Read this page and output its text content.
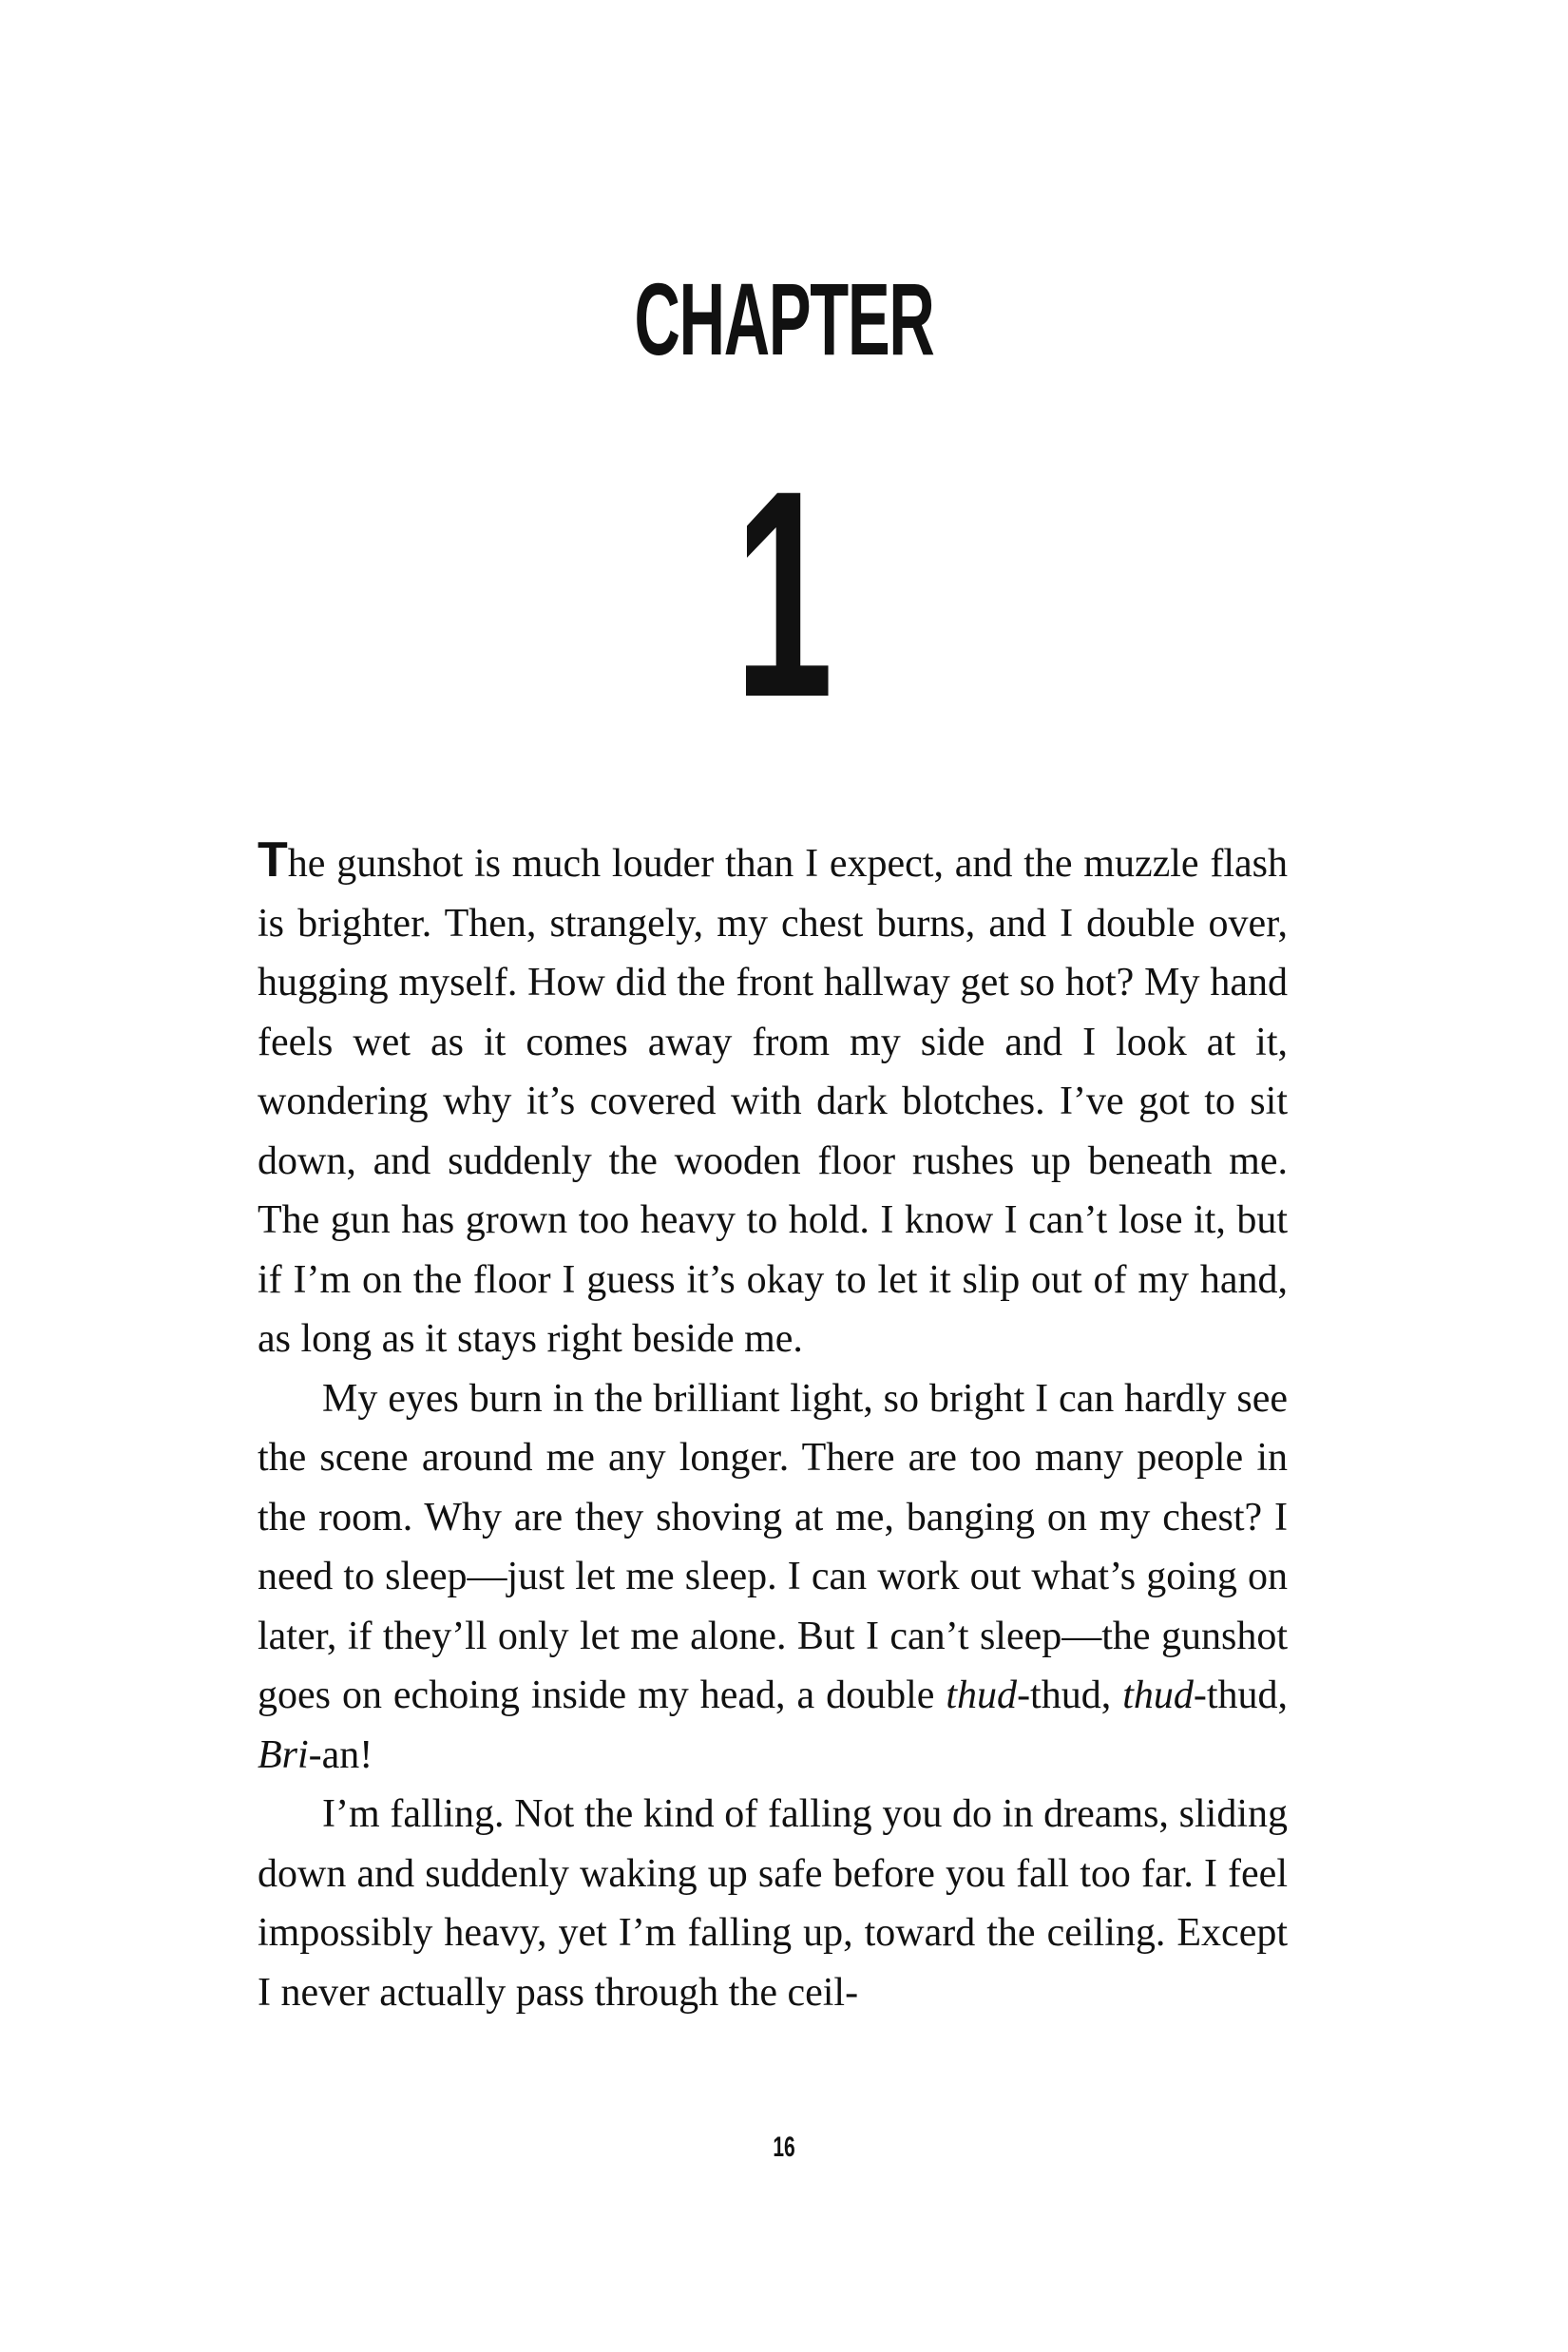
CHAPTER
1

The gunshot is much louder than I expect, and the muzzle flash is brighter. Then, strangely, my chest burns, and I double over, hugging myself. How did the front hallway get so hot? My hand feels wet as it comes away from my side and I look at it, wondering why it’s covered with dark blotches. I’ve got to sit down, and suddenly the wooden floor rushes up beneath me. The gun has grown too heavy to hold. I know I can’t lose it, but if I’m on the floor I guess it’s okay to let it slip out of my hand, as long as it stays right beside me.

My eyes burn in the brilliant light, so bright I can hardly see the scene around me any longer. There are too many people in the room. Why are they shoving at me, banging on my chest? I need to sleep—just let me sleep. I can work out what’s going on later, if they’ll only let me alone. But I can’t sleep—the gunshot goes on echoing inside my head, a double thud-thud, thud-thud, Bri-an!

I’m falling. Not the kind of falling you do in dreams, sliding down and suddenly waking up safe before you fall too far. I feel impossibly heavy, yet I’m falling up, toward the ceiling. Except I never actually pass through the ceil-

16
